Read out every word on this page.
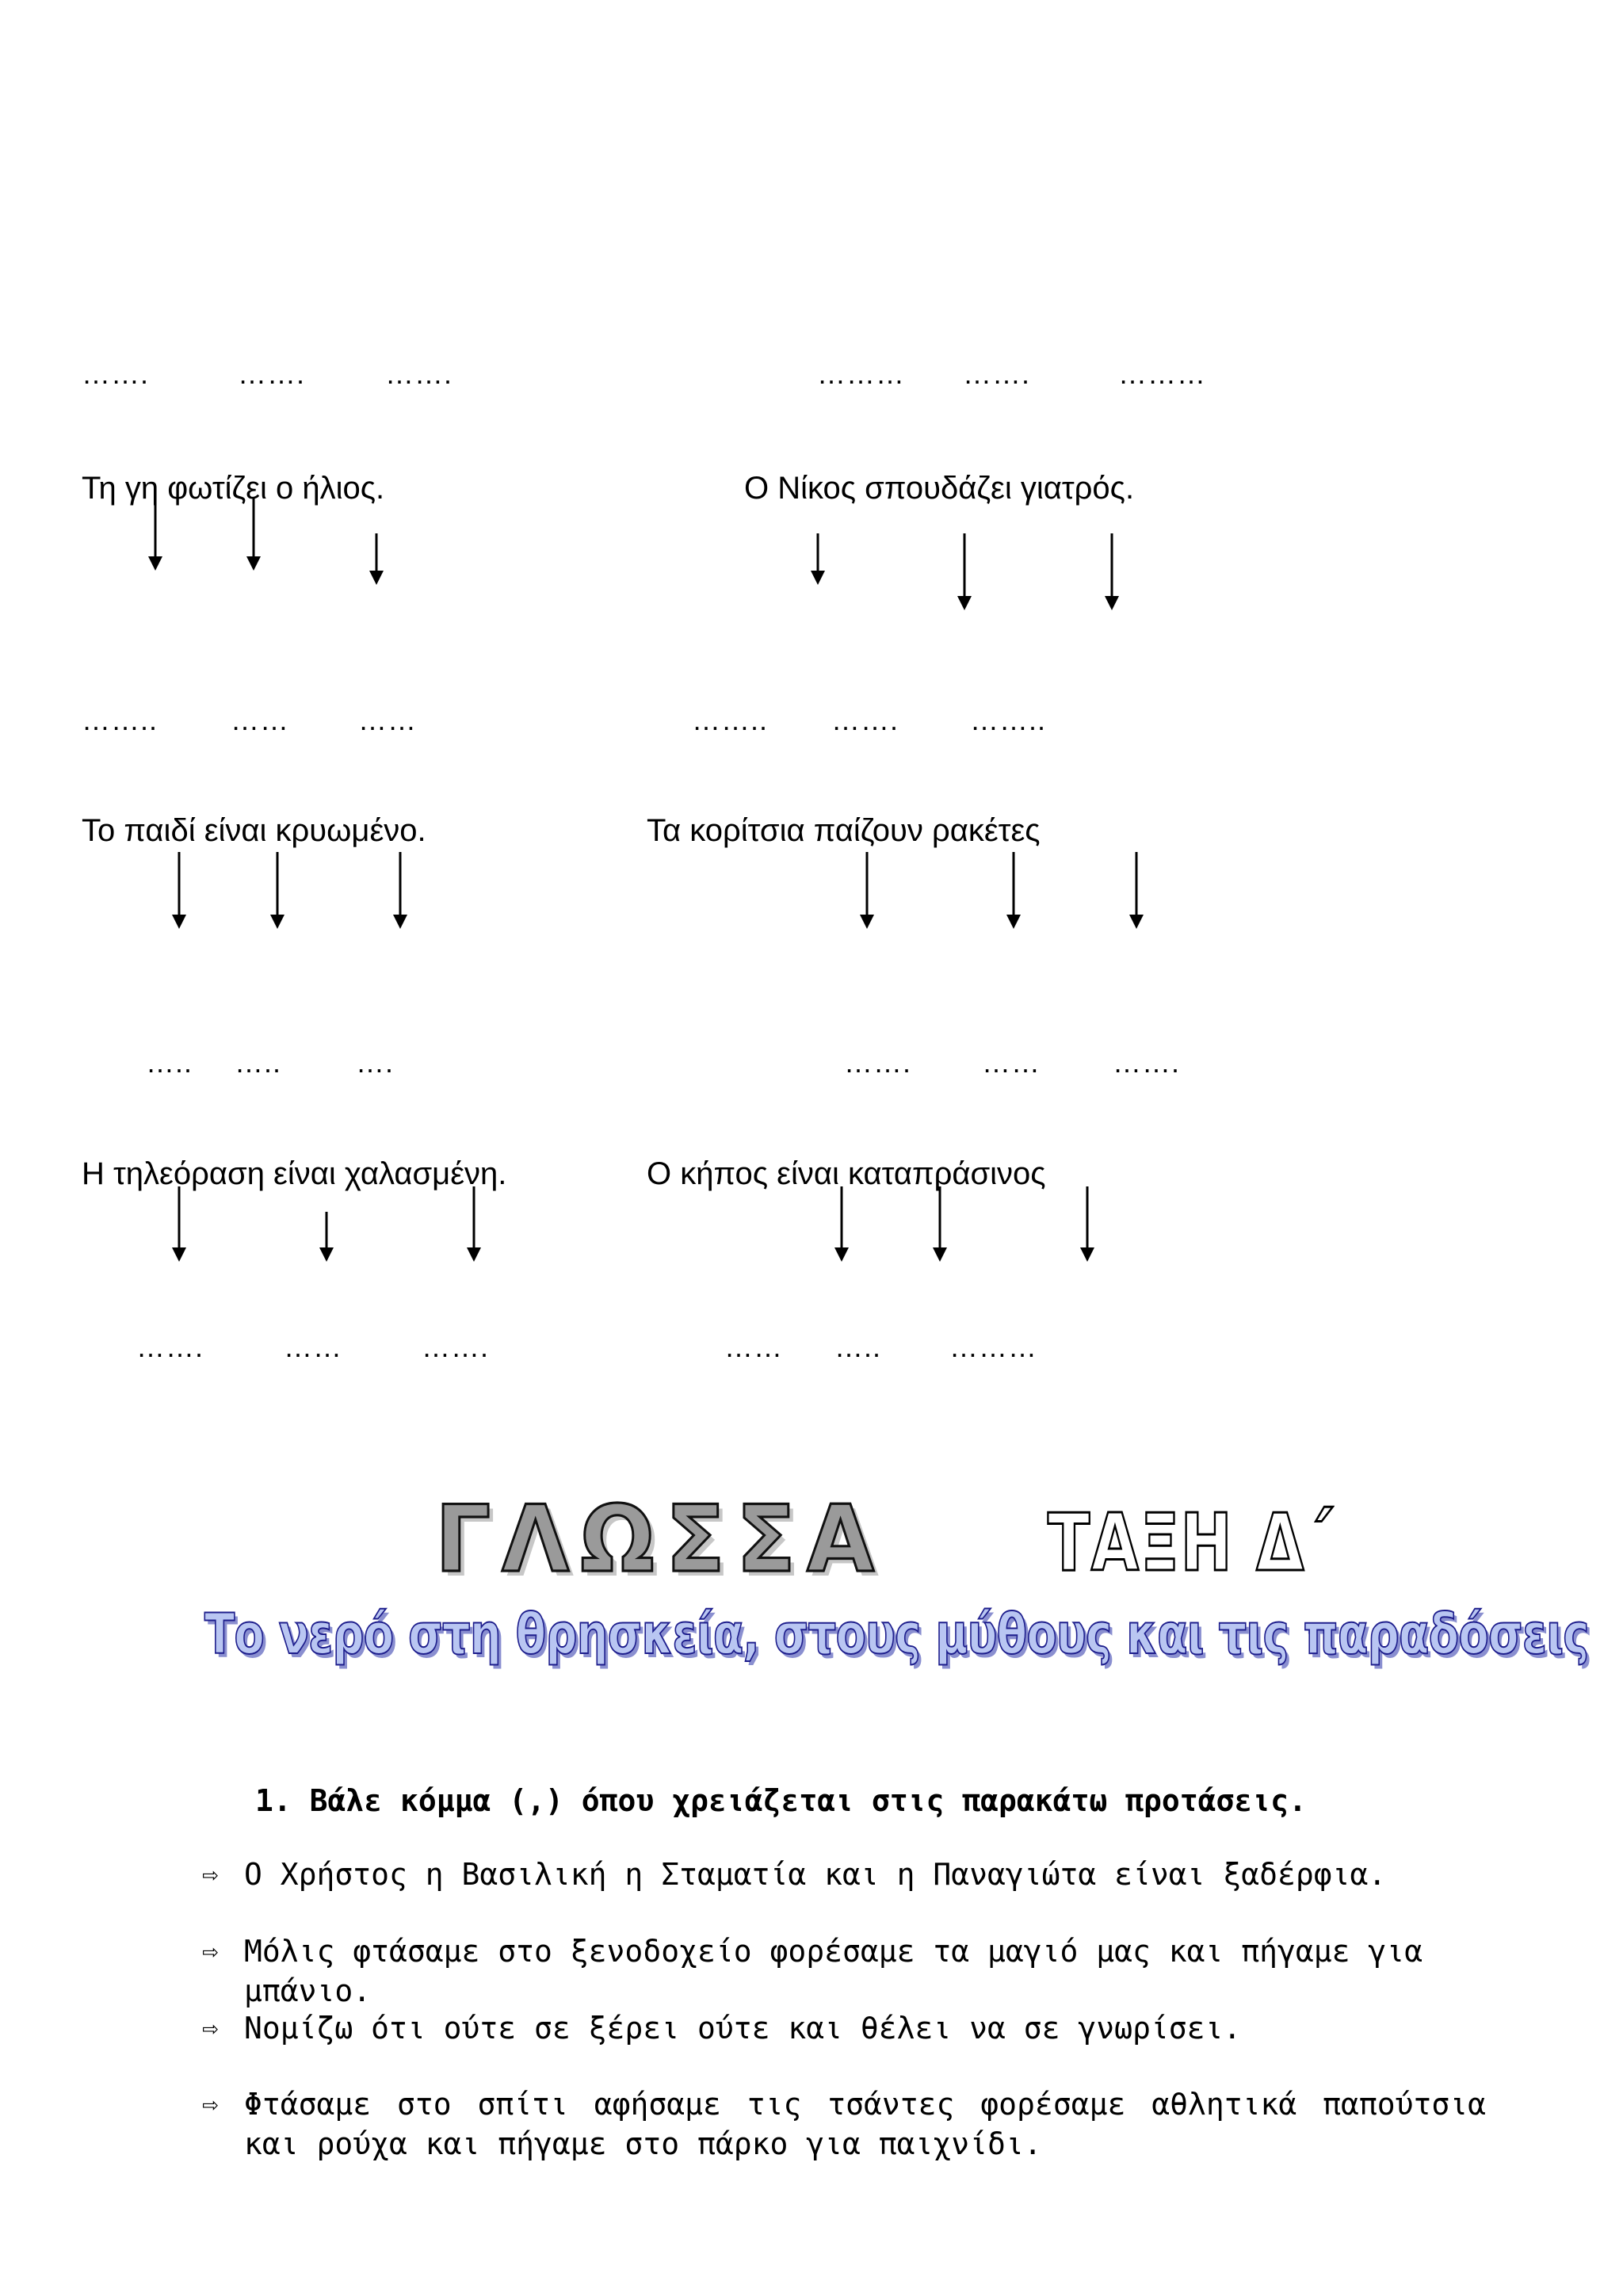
…….	…….	…….	……… …….	………
Τη γη φωτίζει ο ήλιος.	Ο Νίκος σπουδάζει γιατρός.
……..	…… ……	…….. ……. ……..
Το παιδί είναι κρυωμένο.	Τα κορίτσια παίζουν ρακέτες
….. …..	….	……. ……	…….
Η τηλεόραση είναι χαλασμένη.	Ο κήπος είναι καταπράσινος
…….	……	…….	…… ….. ………
ΓΛΩΣΣΑ ΤΑΞΗ Δ΄
Το νερό στη θρησκεία, στους μύθους και τις παραδόσεις
1. Βάλε κόμμα (,) όπου χρειάζεται στις παρακάτω προτάσεις.
⇨ Ο Χρήστος η Βασιλική η Σταματία και η Παναγιώτα είναι ξαδέρφια.
⇨ Μόλις φτάσαμε στο ξενοδοχείο φορέσαμε τα μαγιό μας και πήγαμε για μπάνιο.
⇨ Νομίζω ότι ούτε σε ξέρει ούτε και θέλει να σε γνωρίσει.
⇨ Φτάσαμε στο σπίτι αφήσαμε τις τσάντες φορέσαμε αθλητικά παπούτσια και ρούχα και πήγαμε στο πάρκο για παιχνίδι.
